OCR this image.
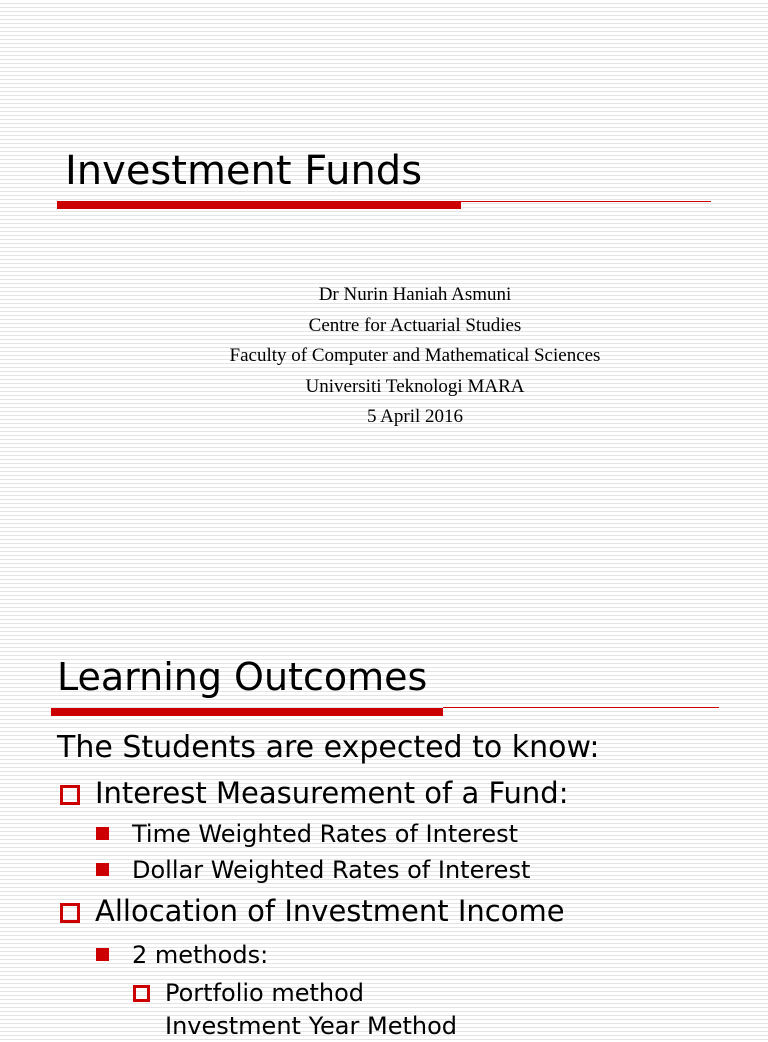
Investment Funds
Dr Nurin Haniah Asmuni
Centre for Actuarial Studies
Faculty of Computer and Mathematical Sciences
Universiti Teknologi MARA
5 April 2016
Learning Outcomes
The Students are expected to know:
Interest Measurement of a Fund:
Time Weighted Rates of Interest
Dollar Weighted Rates of Interest
Allocation of Investment Income
2 methods:
Portfolio method
Investment Year Method
